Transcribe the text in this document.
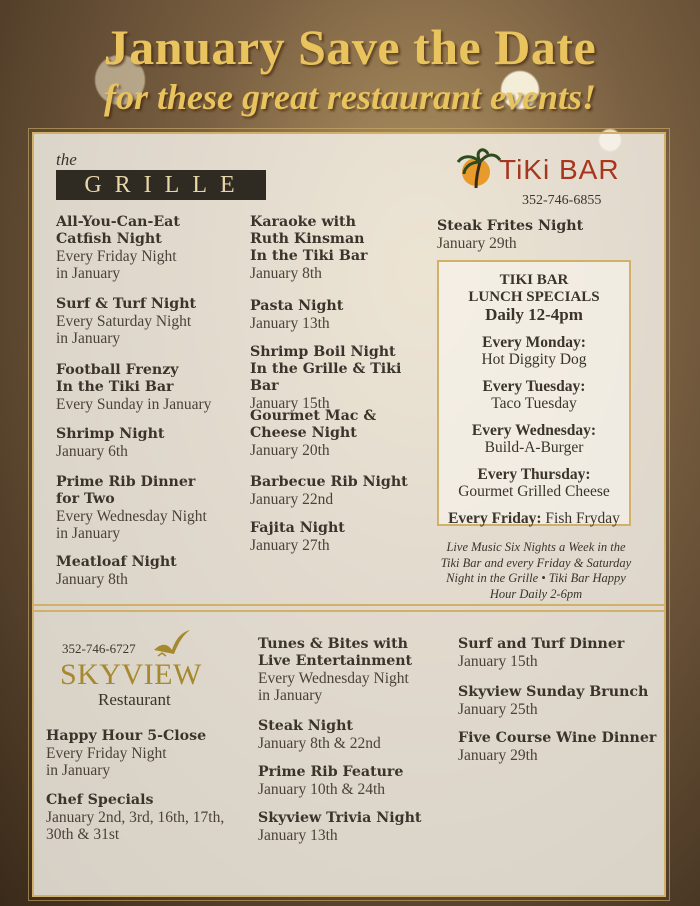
January Save the Date
for these great restaurant events!
the
GRILLE
All-You-Can-Eat
Catfish Night
Every Friday Night
in January
Surf & Turf Night
Every Saturday Night
in January
Football Frenzy
In the Tiki Bar
Every Sunday in January
Shrimp Night
January 6th
Prime Rib Dinner
for Two
Every Wednesday Night
in January
Meatloaf Night
January 8th
Karaoke with
Ruth Kinsman
In the Tiki Bar
January 8th
Pasta Night
January 13th
Shrimp Boil Night
In the Grille & Tiki Bar
January 15th
Gourmet Mac &
Cheese Night
January 20th
Barbecue Rib Night
January 22nd
Fajita Night
January 27th
TiKi BAR
352-746-6855
Steak Frites Night
January 29th
TIKI BAR
LUNCH SPECIALS
Daily 12-4pm
Every Monday:
Hot Diggity Dog
Every Tuesday:
Taco Tuesday
Every Wednesday:
Build-A-Burger
Every Thursday:
Gourmet Grilled Cheese
Every Friday: Fish Fryday
Live Music Six Nights a Week in the Tiki Bar and every Friday & Saturday Night in the Grille • Tiki Bar Happy Hour Daily 2-6pm
352-746-6727
SKYVIEW
Restaurant
Happy Hour 5-Close
Every Friday Night
in January
Chef Specials
January 2nd, 3rd, 16th, 17th,
30th & 31st
Tunes & Bites with
Live Entertainment
Every Wednesday Night
in January
Steak Night
January 8th & 22nd
Prime Rib Feature
January 10th & 24th
Skyview Trivia Night
January 13th
Surf and Turf Dinner
January 15th
Skyview Sunday Brunch
January 25th
Five Course Wine Dinner
January 29th
